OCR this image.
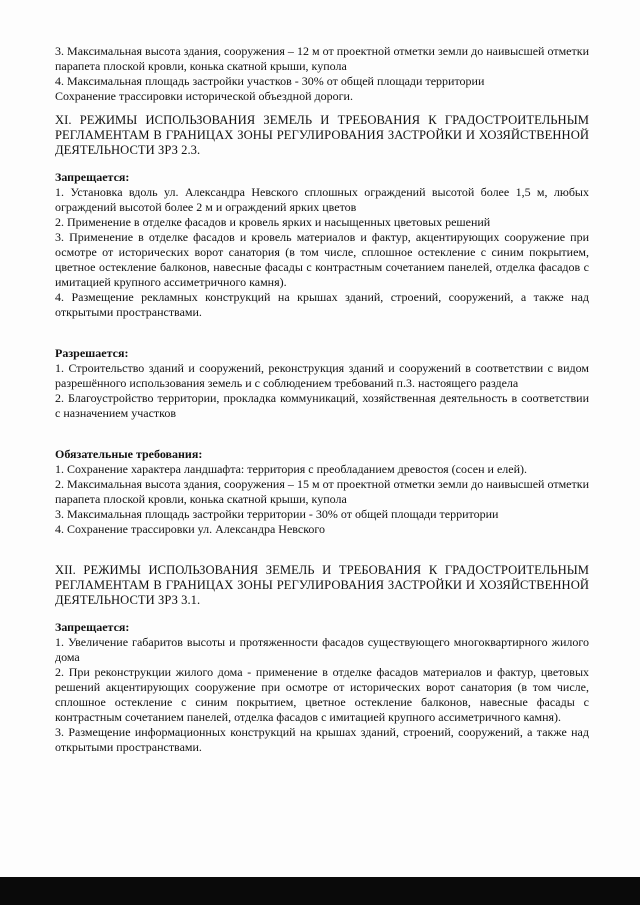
3. Максимальная высота здания, сооружения – 12 м от проектной отметки земли до наивысшей отметки парапета плоской кровли, конька скатной крыши, купола

4. Максимальная площадь застройки участков - 30% от общей площади территории

Сохранение трассировки исторической объездной дороги.

XI. РЕЖИМЫ ИСПОЛЬЗОВАНИЯ ЗЕМЕЛЬ И ТРЕБОВАНИЯ К ГРАДОСТРОИТЕЛЬНЫМ РЕГЛАМЕНТАМ В ГРАНИЦАХ ЗОНЫ РЕГУЛИРОВАНИЯ ЗАСТРОЙКИ И ХОЗЯЙСТВЕННОЙ ДЕЯТЕЛЬНОСТИ ЗРЗ 2.3.

Запрещается:

1. Установка вдоль ул. Александра Невского сплошных ограждений высотой более 1,5 м, любых ограждений высотой более 2 м и ограждений ярких цветов

2. Применение в отделке фасадов и кровель ярких и насыщенных цветовых решений

3. Применение в отделке фасадов и кровель материалов и фактур, акцентирующих сооружение при осмотре от исторических ворот санатория (в том числе, сплошное остекление с синим покрытием, цветное остекление балконов, навесные фасады с контрастным сочетанием панелей, отделка фасадов с имитацией крупного ассиметричного камня).

4. Размещение рекламных конструкций на крышах зданий, строений, сооружений, а также над открытыми пространствами.

Разрешается:

1. Строительство зданий и сооружений, реконструкция зданий и сооружений в соответствии с видом разрешённого использования земель и с соблюдением требований п.3. настоящего раздела

2. Благоустройство территории, прокладка коммуникаций, хозяйственная деятельность в соответствии с назначением участков

Обязательные требования:

1. Сохранение характера ландшафта: территория с преобладанием древостоя (сосен и елей).

2. Максимальная высота здания, сооружения – 15 м от проектной отметки земли до наивысшей отметки парапета плоской кровли, конька скатной крыши, купола

3. Максимальная площадь застройки территории - 30% от общей площади территории

4. Сохранение трассировки ул. Александра Невского

XII. РЕЖИМЫ ИСПОЛЬЗОВАНИЯ ЗЕМЕЛЬ И ТРЕБОВАНИЯ К ГРАДОСТРОИТЕЛЬНЫМ РЕГЛАМЕНТАМ В ГРАНИЦАХ ЗОНЫ РЕГУЛИРОВАНИЯ ЗАСТРОЙКИ И ХОЗЯЙСТВЕННОЙ ДЕЯТЕЛЬНОСТИ ЗРЗ 3.1.

Запрещается:

1. Увеличение габаритов высоты и протяженности фасадов существующего многоквартирного жилого дома

2. При реконструкции жилого дома - применение в отделке фасадов материалов и фактур, цветовых решений акцентирующих сооружение при осмотре от исторических ворот санатория (в том числе, сплошное остекление с синим покрытием, цветное остекление балконов, навесные фасады с контрастным сочетанием панелей, отделка фасадов с имитацией крупного ассиметричного камня).

3. Размещение информационных конструкций на крышах зданий, строений, сооружений, а также над открытыми пространствами.
